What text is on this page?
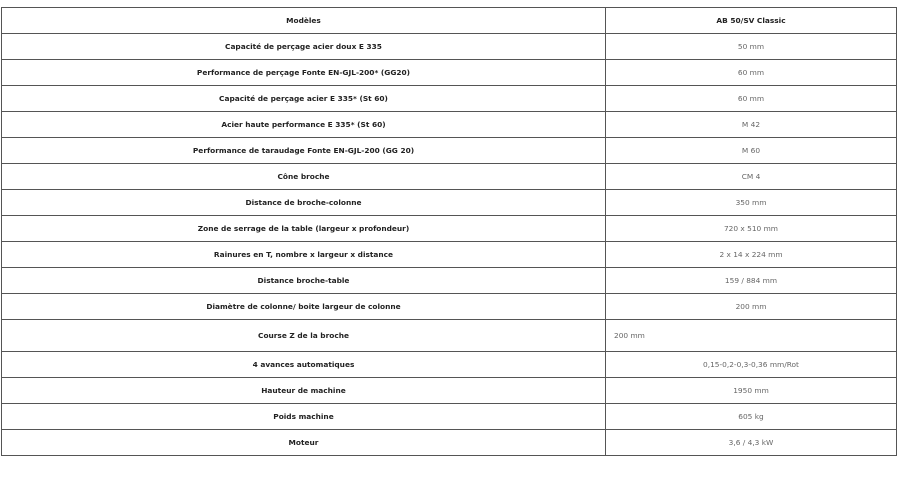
Modèles	AB 50/SV Classic
Capacité de perçage acier doux E 335	50 mm
Performance de perçage Fonte EN-GJL-200* (GG20)	60 mm
Capacité de perçage acier E 335* (St 60)	60 mm
Acier haute performance E 335* (St 60)	M 42
Performance de taraudage Fonte EN-GJL-200 (GG 20)	M 60
Cône broche	CM 4
Distance de broche-colonne	350 mm
Zone de serrage de la table (largeur x profondeur)	720 x 510 mm
Rainures en T, nombre x largeur x distance	2 x 14 x 224 mm
Distance broche-table	159 / 884 mm
Diamètre de colonne/ boite largeur de colonne	200 mm
Course Z de la broche	200 mm
4 avances automatiques	0,15-0,2-0,3-0,36 mm/Rot
Hauteur de machine	1950 mm
Poids machine	605 kg
Moteur	3,6 / 4,3 kW
